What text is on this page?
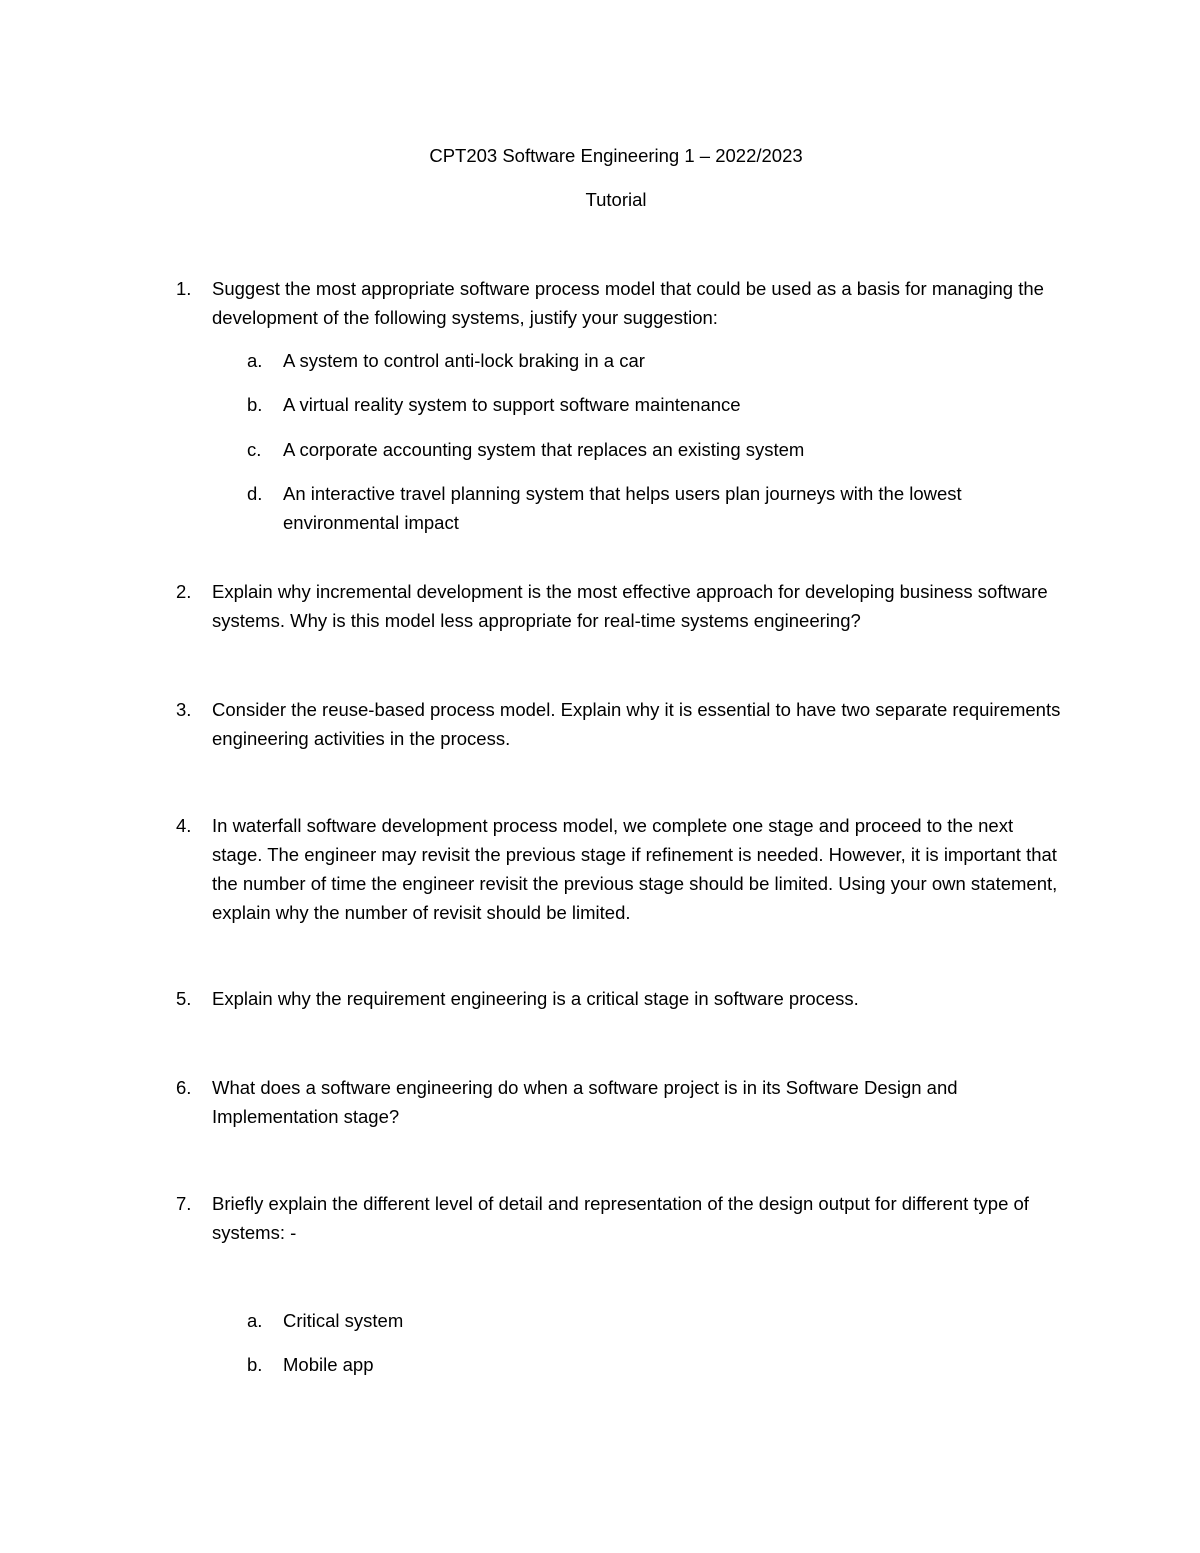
CPT203 Software Engineering 1 – 2022/2023
Tutorial
1. Suggest the most appropriate software process model that could be used as a basis for managing the development of the following systems, justify your suggestion:
a. A system to control anti-lock braking in a car
b. A virtual reality system to support software maintenance
c. A corporate accounting system that replaces an existing system
d. An interactive travel planning system that helps users plan journeys with the lowest environmental impact
2. Explain why incremental development is the most effective approach for developing business software systems. Why is this model less appropriate for real-time systems engineering?
3. Consider the reuse-based process model. Explain why it is essential to have two separate requirements engineering activities in the process.
4. In waterfall software development process model, we complete one stage and proceed to the next stage. The engineer may revisit the previous stage if refinement is needed. However, it is important that the number of time the engineer revisit the previous stage should be limited. Using your own statement, explain why the number of revisit should be limited.
5. Explain why the requirement engineering is a critical stage in software process.
6. What does a software engineering do when a software project is in its Software Design and Implementation stage?
7. Briefly explain the different level of detail and representation of the design output for different type of systems: -
a. Critical system
b. Mobile app
